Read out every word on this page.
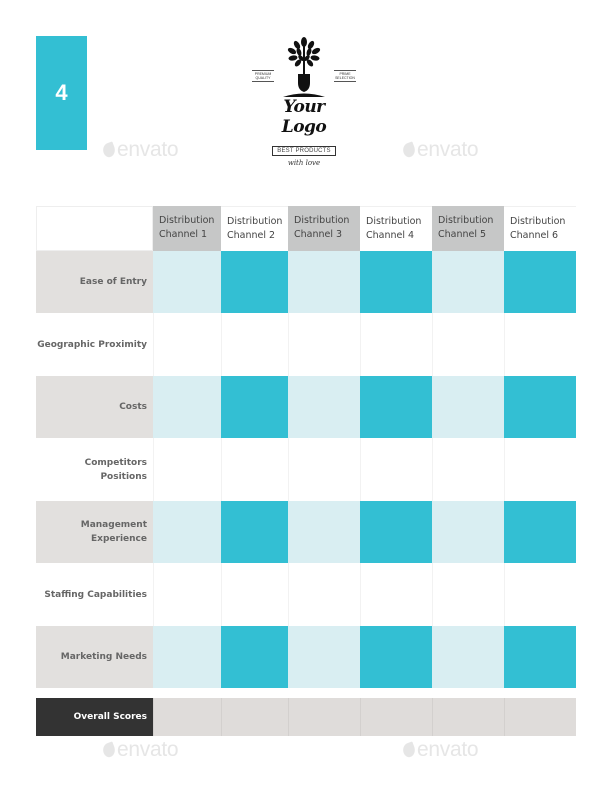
4
PREMIUM QUALITY
PRIME SELECTION
Your Logo
BEST PRODUCTS
with love
envato	envato
envato	envato
Distribution Channel 1
Distribution Channel 2
Distribution Channel 3
Distribution Channel 4
Distribution Channel 5
Distribution Channel 6
Ease of Entry
Geographic Proximity
Costs
Competitors Positions
Management Experience
Staffing Capabilities
Marketing Needs
Overall Scores
